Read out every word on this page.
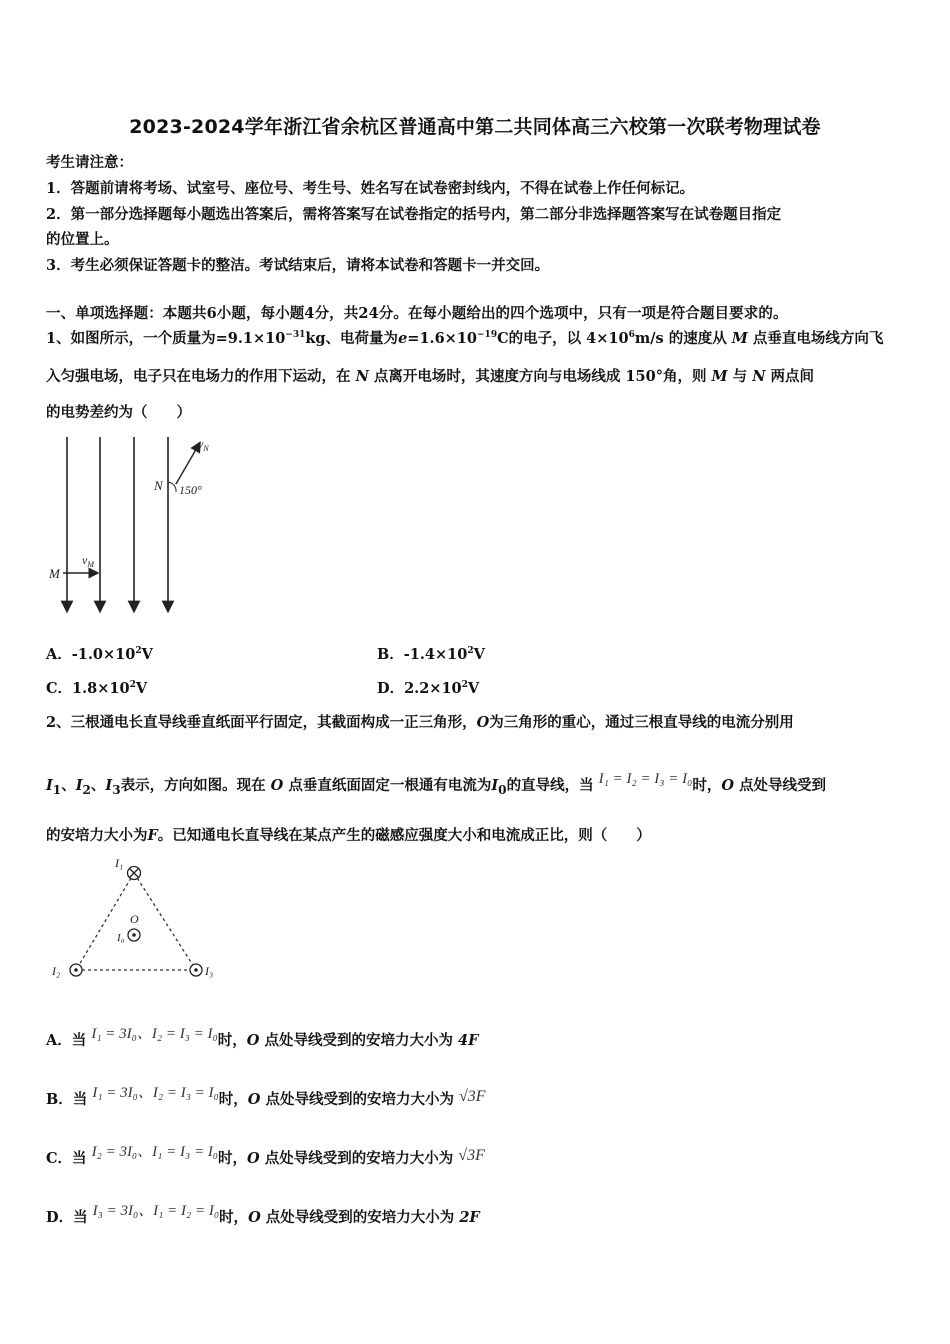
2023-2024学年浙江省余杭区普通高中第二共同体高三六校第一次联考物理试卷
考生请注意：
1．答题前请将考场、试室号、座位号、考生号、姓名写在试卷密封线内，不得在试卷上作任何标记。
2．第一部分选择题每小题选出答案后，需将答案写在试卷指定的括号内，第二部分非选择题答案写在试卷题目指定
的位置上。
3．考生必须保证答题卡的整洁。考试结束后，请将本试卷和答题卡一并交回。
一、单项选择题：本题共6小题，每小题4分，共24分。在每小题给出的四个选项中，只有一项是符合题目要求的。
1、如图所示，一个质量为$=9.1\times 10^{-31}kg$、电荷量为$e=1.6\times 10^{-19}C$的电子，以 $4\times 10^6m/s$ 的速度从 M 点垂直电场线方向飞
入匀强电场，电子只在电场力的作用下运动，在 N 点离开电场时，其速度方向与电场线成 150°角，则 M 与 N 两点间
的电势差约为（　　）
$v_N$
N 150°
M
$v_M$
A．$-1.0\times 10^2V$	B．$-1.4\times 10^2V$
C．$1.8\times 10^2V$	D．$2.2\times 10^2V$
2、三根通电长直导线垂直纸面平行固定，其截面构成一正三角形，O为三角形的重心，通过三根直导线的电流分别用
$I_1$、$I_2$、$I_3$表示，方向如图。现在 O 点垂直纸面固定一根通有电流为$I_0$的直导线，当 I₁ = I₂ = I₃ = I₀时，O 点处导线受到
的安培力大小为F。已知通电长直导线在某点产生的磁感应强度大小和电流成正比，则（　　）
I₁
O
I₀
I₂	I₃
A．当 I₁ = 3I₀、I₂ = I₃ = I₀时，O 点处导线受到的安培力大小为 4F
B．当 I₁ = 3I₀、I₂ = I₃ = I₀时，O 点处导线受到的安培力大小为 √3F
C．当 I₂ = 3I₀、I₁ = I₃ = I₀时，O 点处导线受到的安培力大小为 √3F
D．当 I₃ = 3I₀、I₁ = I₂ = I₀时，O 点处导线受到的安培力大小为 2F
